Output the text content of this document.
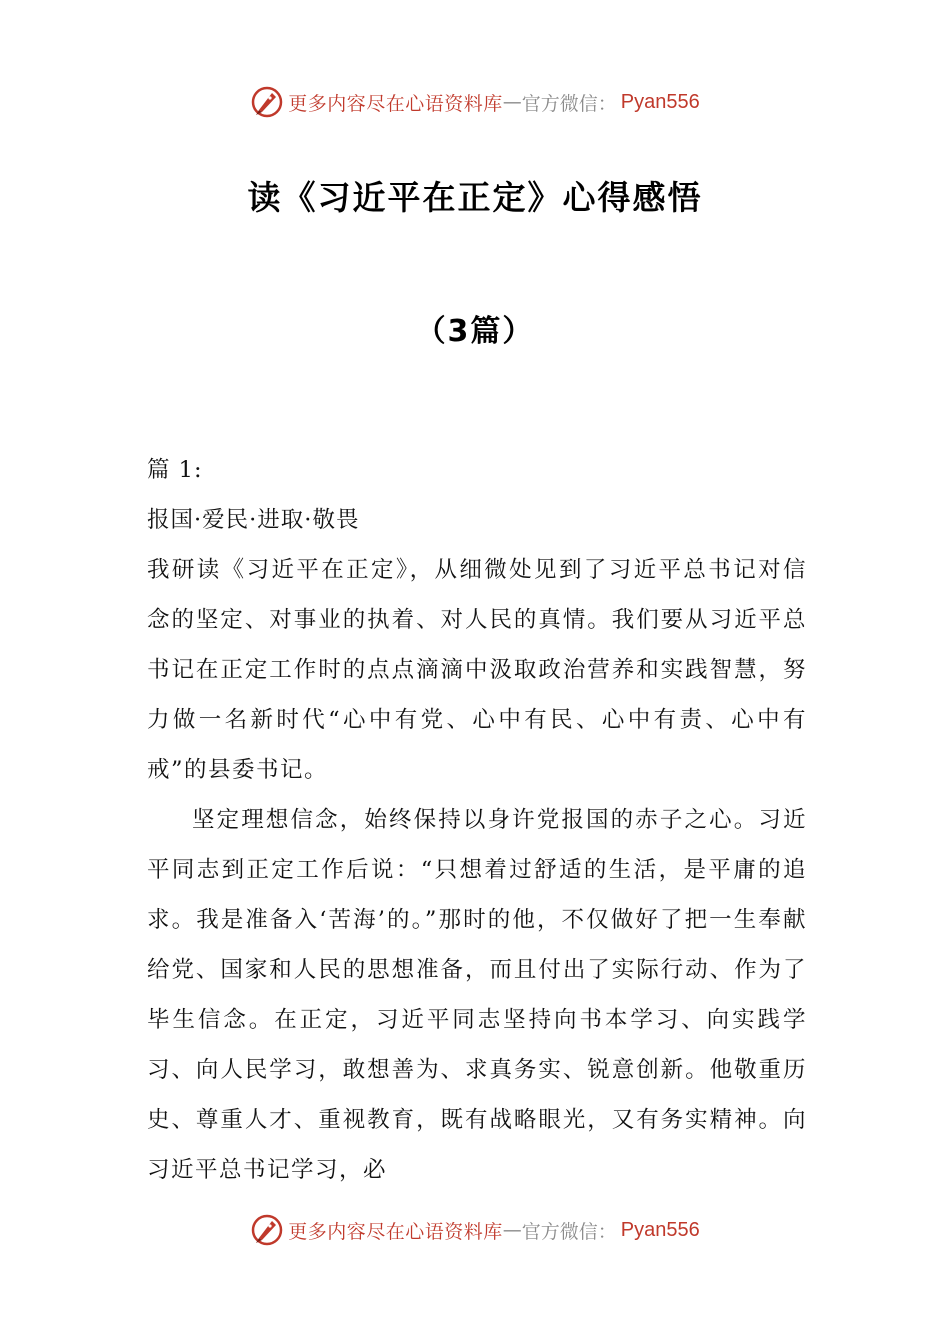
更多内容尽在心语资料库 — 官方微信： Pyan556
读《习近平在正定》心得感悟
（3篇）

篇 1:

报国·爱民·进取·敬畏

我研读《习近平在正定》，从细微处见到了习近平总书记对信念的坚定、对事业的执着、对人民的真情。我们要从习近平总书记在正定工作时的点点滴滴中汲取政治营养和实践智慧，努力做一名新时代“心中有党、心中有民、心中有责、心中有戒”的县委书记。

坚定理想信念，始终保持以身许党报国的赤子之心。习近平同志到正定工作后说：“只想着过舒适的生活，是平庸的追求。我是准备入‘苦海’的。”那时的他，不仅做好了把一生奉献给党、国家和人民的思想准备，而且付出了实际行动、作为了毕生信念。在正定，习近平同志坚持向书本学习、向实践学习、向人民学习，敢想善为、求真务实、锐意创新。他敬重历史、尊重人才、重视教育，既有战略眼光，又有务实精神。向习近平总书记学习，必

更多内容尽在心语资料库 — 官方微信： Pyan556
